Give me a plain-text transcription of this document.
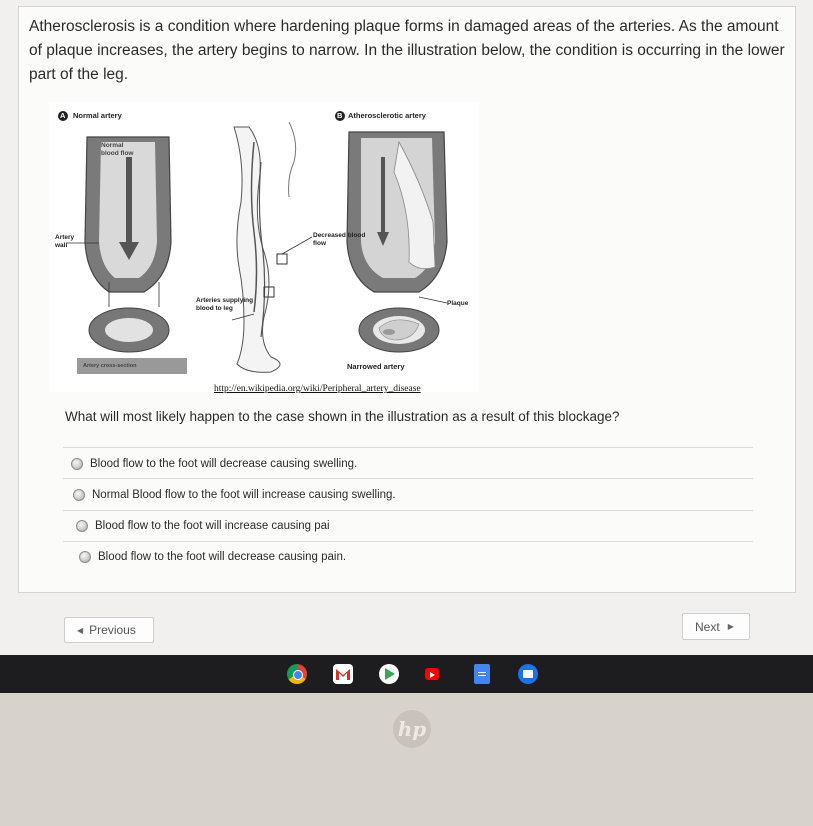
Atherosclerosis is a condition where hardening plaque forms in damaged areas of the arteries. As the amount of plaque increases, the artery begins to narrow. In the illustration below, the condition is occurring in the lower part of the leg.
A Normal artery	B Atherosclerotic artery
Normal blood flow
Artery wall
Artery cross-section
Arteries supplying blood to leg
Decreased blood flow
Plaque
Narrowed artery
http://en.wikipedia.org/wiki/Peripheral_artery_disease
What will most likely happen to the case shown in the illustration as a result of this blockage?
Blood flow to the foot will decrease causing swelling.
Normal Blood flow to the foot will increase causing swelling.
Blood flow to the foot will increase causing pai
Blood flow to the foot will decrease causing pain.
◀ Previous	Next ▶
hp
